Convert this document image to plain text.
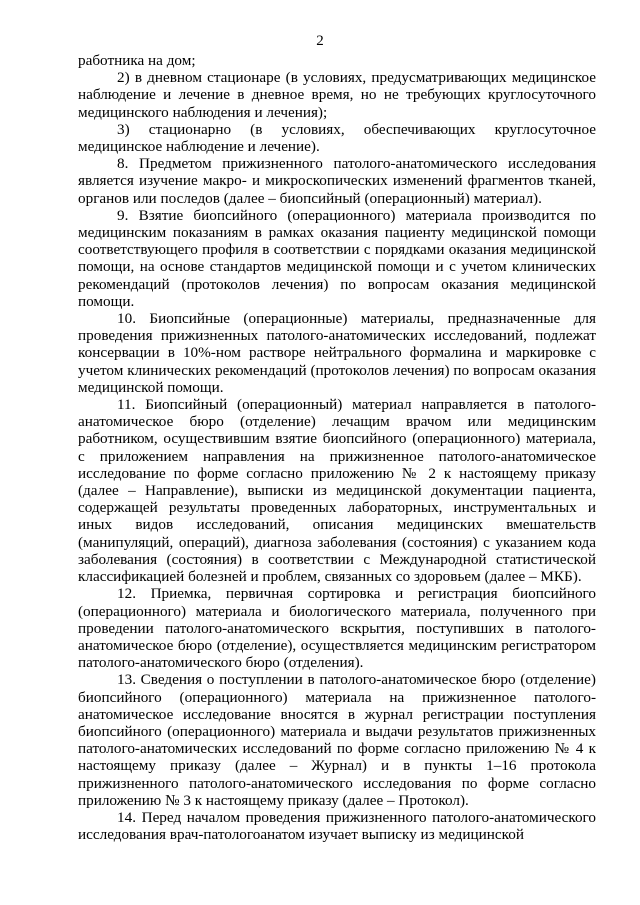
2

работника на дом;

2) в дневном стационаре (в условиях, предусматривающих медицинское наблюдение и лечение в дневное время, но не требующих круглосуточного медицинского наблюдения и лечения);

3) стационарно (в условиях, обеспечивающих круглосуточное медицинское наблюдение и лечение).

8. Предметом прижизненного патолого-анатомического исследования является изучение макро- и микроскопических изменений фрагментов тканей, органов или последов (далее – биопсийный (операционный) материал).

9. Взятие биопсийного (операционного) материала производится по медицинским показаниям в рамках оказания пациенту медицинской помощи соответствующего профиля в соответствии с порядками оказания медицинской помощи, на основе стандартов медицинской помощи и с учетом клинических рекомендаций (протоколов лечения) по вопросам оказания медицинской помощи.

10. Биопсийные (операционные) материалы, предназначенные для проведения прижизненных патолого-анатомических исследований, подлежат консервации в 10%-ном растворе нейтрального формалина и маркировке с учетом клинических рекомендаций (протоколов лечения) по вопросам оказания медицинской помощи.

11. Биопсийный (операционный) материал направляется в патолого-анатомическое бюро (отделение) лечащим врачом или медицинским работником, осуществившим взятие биопсийного (операционного) материала, с приложением направления на прижизненное патолого-анатомическое исследование по форме согласно приложению № 2 к настоящему приказу (далее – Направление), выписки из медицинской документации пациента, содержащей результаты проведенных лабораторных, инструментальных и иных видов исследований, описания медицинских вмешательств (манипуляций, операций), диагноза заболевания (состояния) с указанием кода заболевания (состояния) в соответствии с Международной статистической классификацией болезней и проблем, связанных со здоровьем (далее – МКБ).

12. Приемка, первичная сортировка и регистрация биопсийного (операционного) материала и биологического материала, полученного при проведении патолого-анатомического вскрытия, поступивших в патолого-анатомическое бюро (отделение), осуществляется медицинским регистратором патолого-анатомического бюро (отделения).

13. Сведения о поступлении в патолого-анатомическое бюро (отделение) биопсийного (операционного) материала на прижизненное патолого-анатомическое исследование вносятся в журнал регистрации поступления биопсийного (операционного) материала и выдачи результатов прижизненных патолого-анатомических исследований по форме согласно приложению № 4 к настоящему приказу (далее – Журнал) и в пункты 1–16 протокола прижизненного патолого-анатомического исследования по форме согласно приложению № 3 к настоящему приказу (далее – Протокол).

14. Перед началом проведения прижизненного патолого-анатомического исследования врач-патологоанатом изучает выписку из медицинской
